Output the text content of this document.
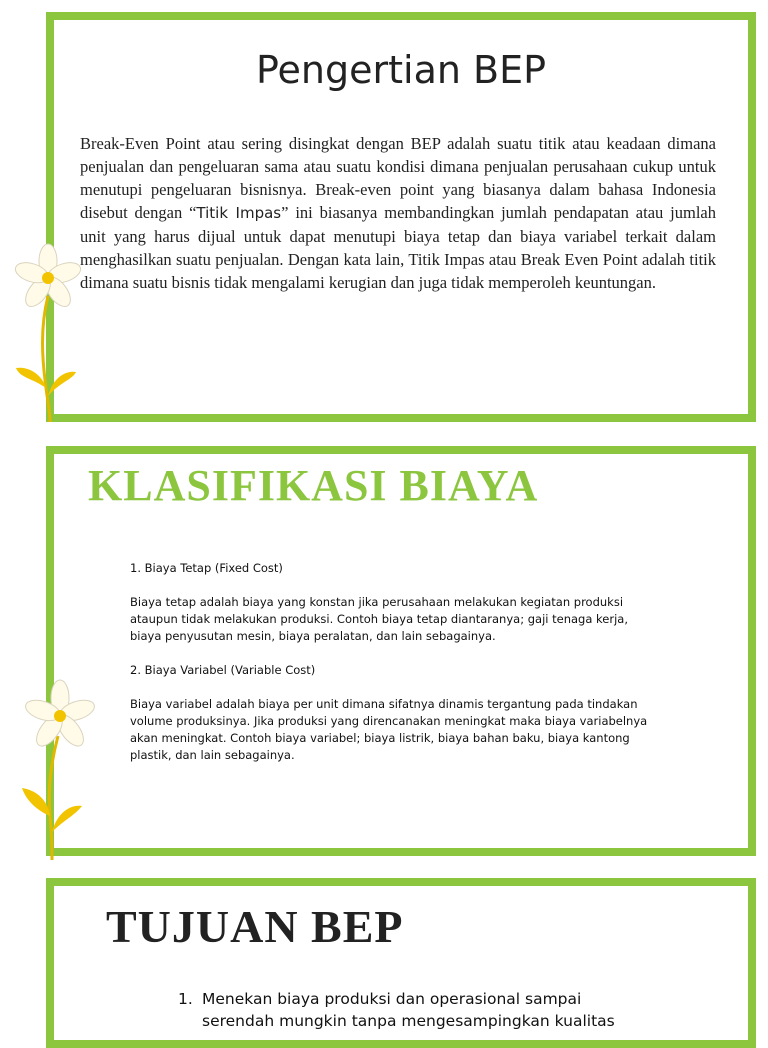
Pengertian BEP

Break-Even Point atau sering disingkat dengan BEP adalah suatu titik atau keadaan dimana penjualan dan pengeluaran sama atau suatu kondisi dimana penjualan perusahaan cukup untuk menutupi pengeluaran bisnisnya. Break-even point yang biasanya dalam bahasa Indonesia disebut dengan “Titik Impas” ini biasanya membandingkan jumlah pendapatan atau jumlah unit yang harus dijual untuk dapat menutupi biaya tetap dan biaya variabel terkait dalam menghasilkan suatu penjualan. Dengan kata lain, Titik Impas atau Break Even Point adalah titik dimana suatu bisnis tidak mengalami kerugian dan juga tidak memperoleh keuntungan.

KLASIFIKASI BIAYA

1. Biaya Tetap (Fixed Cost)

Biaya tetap adalah biaya yang konstan jika perusahaan melakukan kegiatan produksi ataupun tidak melakukan produksi. Contoh biaya tetap diantaranya; gaji tenaga kerja, biaya penyusutan mesin, biaya peralatan, dan lain sebagainya.

2. Biaya Variabel (Variable Cost)

Biaya variabel adalah biaya per unit dimana sifatnya dinamis tergantung pada tindakan volume produksinya. Jika produksi yang direncanakan meningkat maka biaya variabelnya akan meningkat. Contoh biaya variabel; biaya listrik, biaya bahan baku, biaya kantong plastik, dan lain sebagainya.

TUJUAN BEP
1. Menekan biaya produksi dan operasional sampai serendah mungkin tanpa mengesampingkan kualitas
